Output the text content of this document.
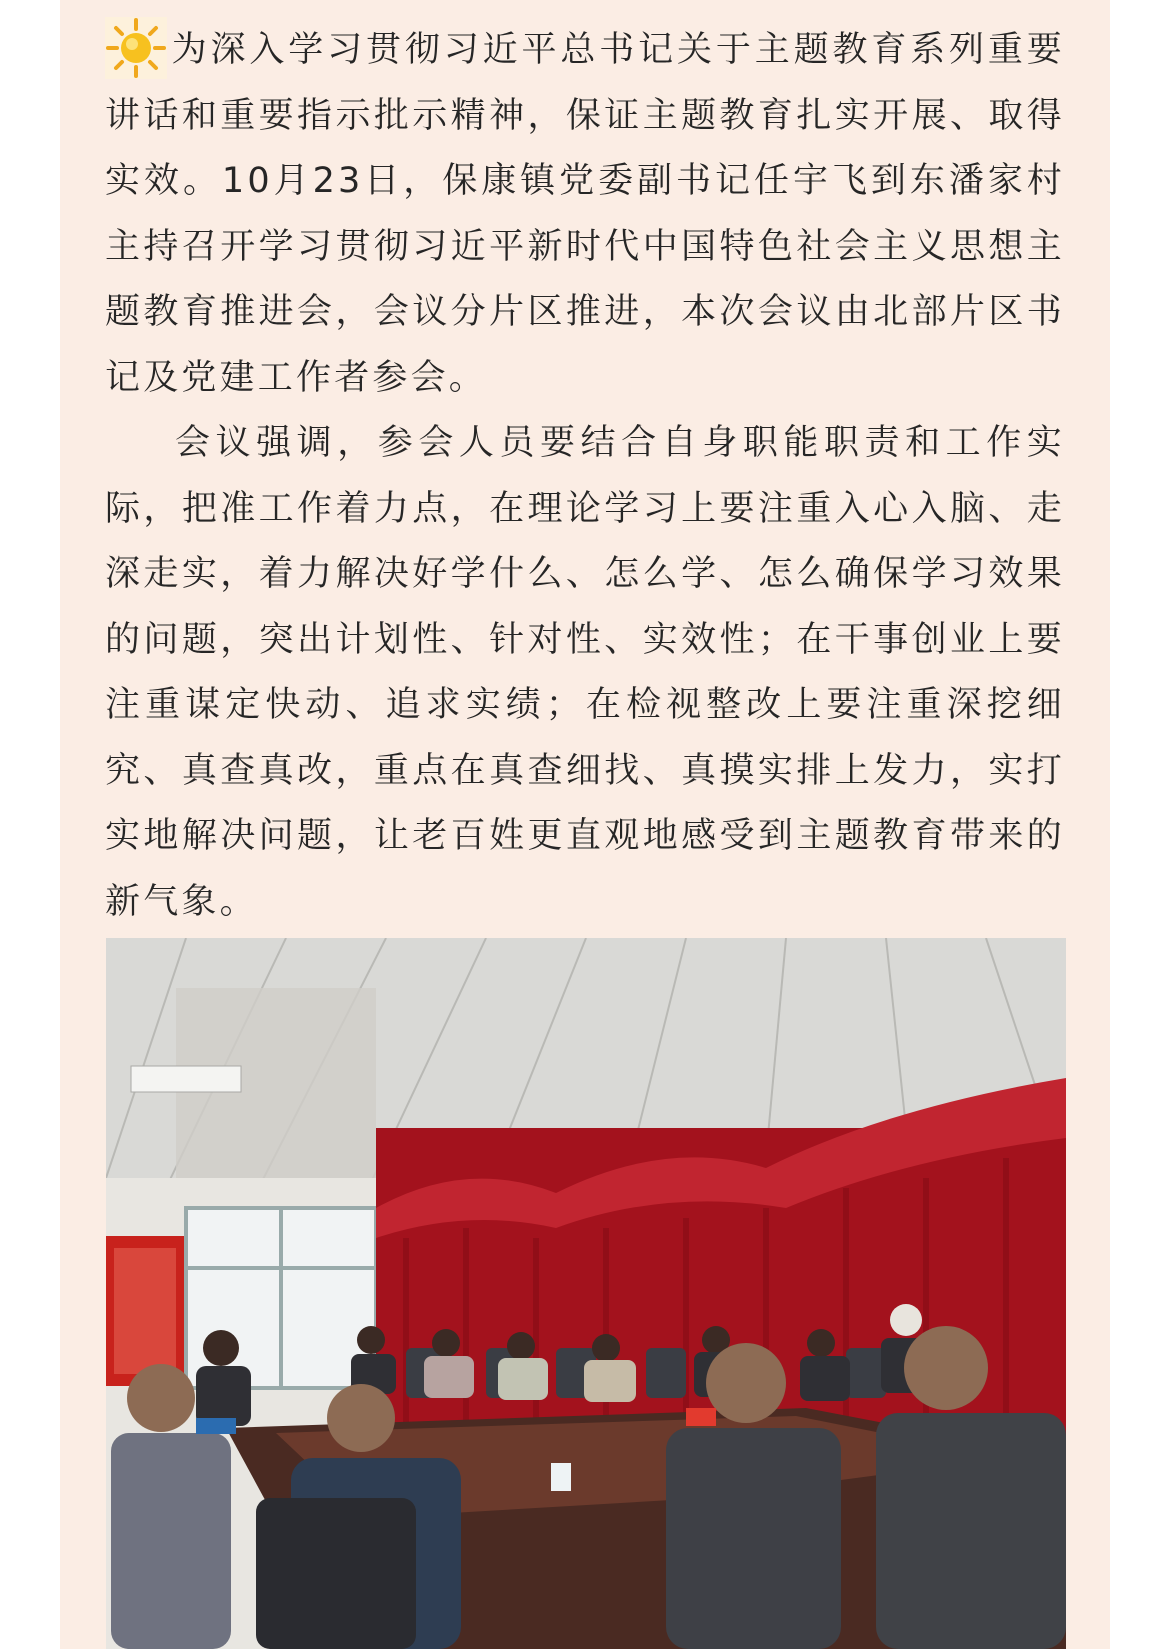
为深入学习贯彻习近平总书记关于主题教育系列重要讲话和重要指示批示精神，保证主题教育扎实开展、取得实效。10月23日，保康镇党委副书记任宇飞到东潘家村主持召开学习贯彻习近平新时代中国特色社会主义思想主题教育推进会，会议分片区推进，本次会议由北部片区书记及党建工作者参会。

会议强调，参会人员要结合自身职能职责和工作实际，把准工作着力点，在理论学习上要注重入心入脑、走深走实，着力解决好学什么、怎么学、怎么确保学习效果的问题，突出计划性、针对性、实效性；在干事创业上要注重谋定快动、追求实绩；在检视整改上要注重深挖细究、真查真改，重点在真查细找、真摸实排上发力，实打实地解决问题，让老百姓更直观地感受到主题教育带来的新气象。
